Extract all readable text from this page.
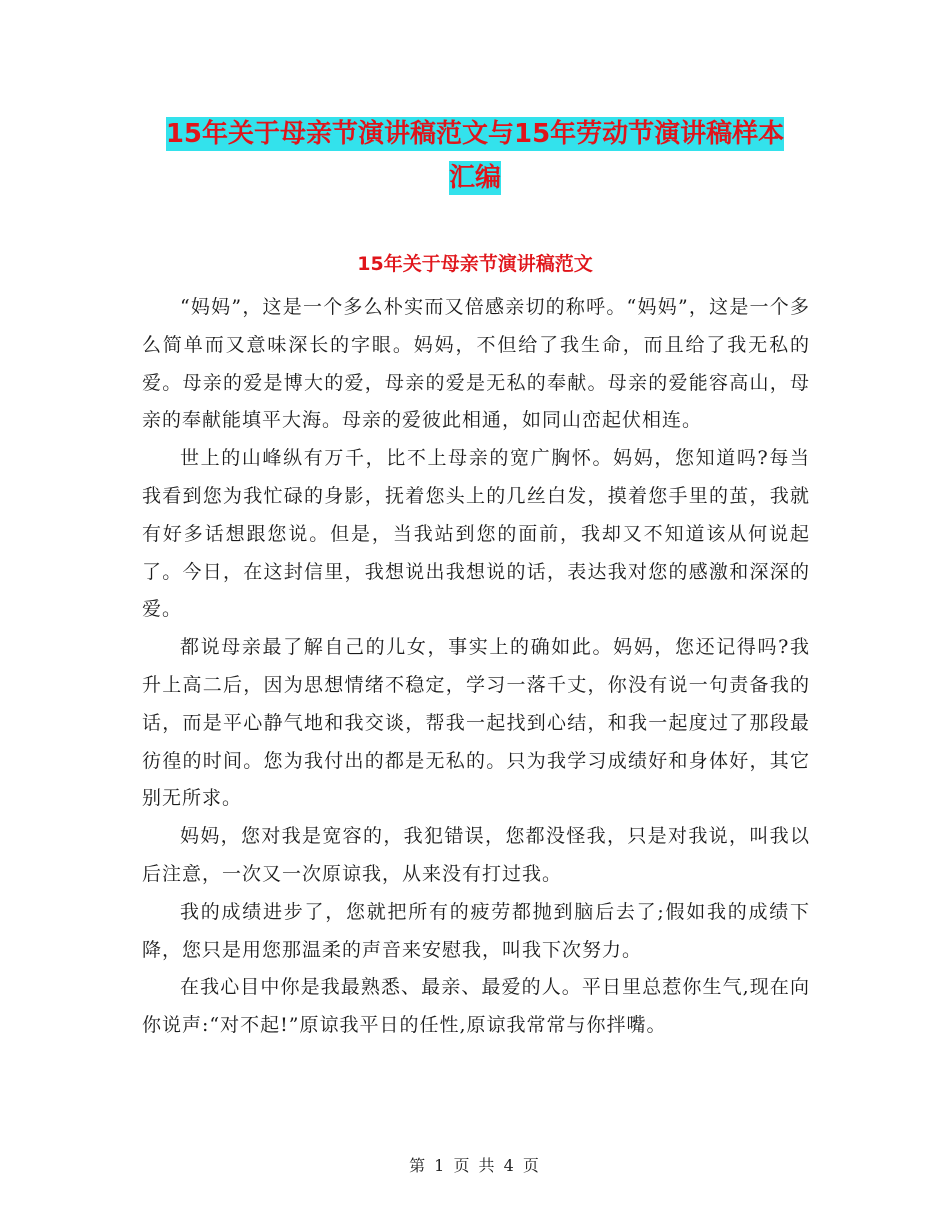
15年关于母亲节演讲稿范文与15年劳动节演讲稿样本
汇编
15年关于母亲节演讲稿范文

“妈妈”，这是一个多么朴实而又倍感亲切的称呼。“妈妈”，这是一个多么简单而又意味深长的字眼。妈妈，不但给了我生命，而且给了我无私的爱。母亲的爱是博大的爱，母亲的爱是无私的奉献。母亲的爱能容高山，母亲的奉献能填平大海。母亲的爱彼此相通，如同山峦起伏相连。

世上的山峰纵有万千，比不上母亲的宽广胸怀。妈妈，您知道吗?每当我看到您为我忙碌的身影，抚着您头上的几丝白发，摸着您手里的茧，我就有好多话想跟您说。但是，当我站到您的面前，我却又不知道该从何说起了。今日，在这封信里，我想说出我想说的话，表达我对您的感激和深深的爱。

都说母亲最了解自己的儿女，事实上的确如此。妈妈，您还记得吗?我升上高二后，因为思想情绪不稳定，学习一落千丈，你没有说一句责备我的话，而是平心静气地和我交谈，帮我一起找到心结，和我一起度过了那段最彷徨的时间。您为我付出的都是无私的。只为我学习成绩好和身体好，其它别无所求。

妈妈，您对我是宽容的，我犯错误，您都没怪我，只是对我说，叫我以后注意，一次又一次原谅我，从来没有打过我。

我的成绩进步了，您就把所有的疲劳都抛到脑后去了;假如我的成绩下降，您只是用您那温柔的声音来安慰我，叫我下次努力。

在我心目中你是我最熟悉、最亲、最爱的人。平日里总惹你生气,现在向你说声:“对不起!”原谅我平日的任性,原谅我常常与你拌嘴。

第 1 页 共 4 页
